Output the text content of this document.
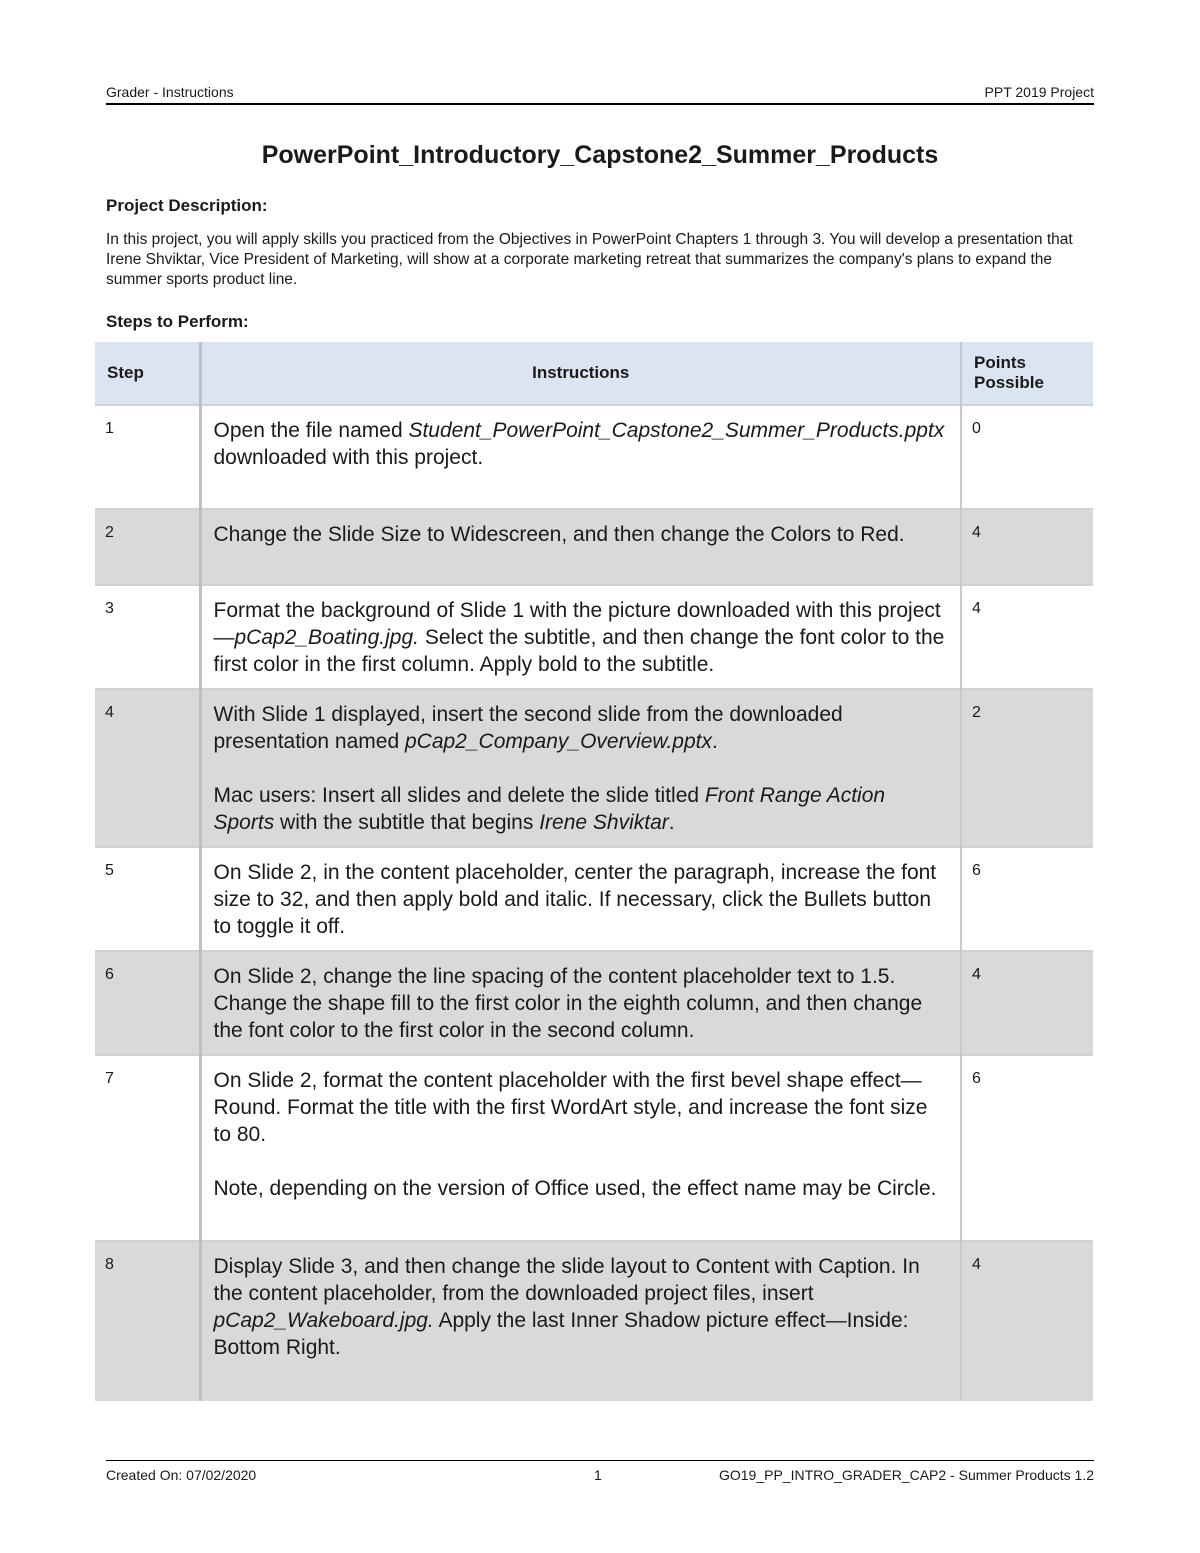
Grader - Instructions	PPT 2019 Project
PowerPoint_Introductory_Capstone2_Summer_Products
Project Description:
In this project, you will apply skills you practiced from the Objectives in PowerPoint Chapters 1 through 3. You will develop a presentation that Irene Shviktar, Vice President of Marketing, will show at a corporate marketing retreat that summarizes the company's plans to expand the summer sports product line.
Steps to Perform:
Step	Instructions	Points Possible
1	Open the file named Student_PowerPoint_Capstone2_Summer_Products.pptx downloaded with this project.	0
2	Change the Slide Size to Widescreen, and then change the Colors to Red.	4
3	Format the background of Slide 1 with the picture downloaded with this project—pCap2_Boating.jpg. Select the subtitle, and then change the font color to the first color in the first column. Apply bold to the subtitle.	4
4	With Slide 1 displayed, insert the second slide from the downloaded presentation named pCap2_Company_Overview.pptx.

Mac users: Insert all slides and delete the slide titled Front Range Action Sports with the subtitle that begins Irene Shviktar.	2
5	On Slide 2, in the content placeholder, center the paragraph, increase the font size to 32, and then apply bold and italic. If necessary, click the Bullets button to toggle it off.	6
6	On Slide 2, change the line spacing of the content placeholder text to 1.5. Change the shape fill to the first color in the eighth column, and then change the font color to the first color in the second column.	4
7	On Slide 2, format the content placeholder with the first bevel shape effect—Round. Format the title with the first WordArt style, and increase the font size to 80.

Note, depending on the version of Office used, the effect name may be Circle.	6
8	Display Slide 3, and then change the slide layout to Content with Caption. In the content placeholder, from the downloaded project files, insert pCap2_Wakeboard.jpg. Apply the last Inner Shadow picture effect—Inside: Bottom Right.	4
Created On: 07/02/2020	1	GO19_PP_INTRO_GRADER_CAP2 - Summer Products 1.2
